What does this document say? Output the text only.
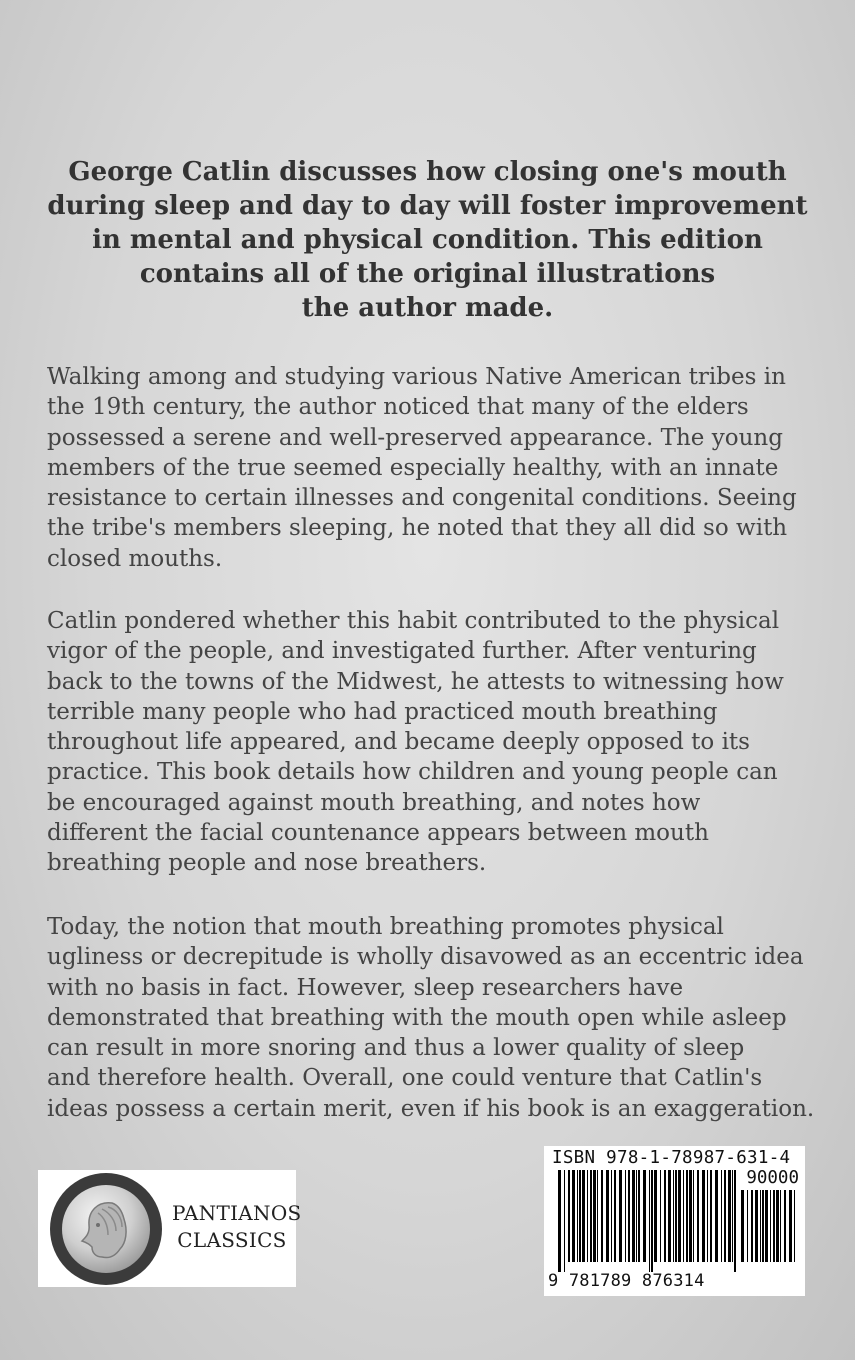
George Catlin discusses how closing one's mouth
during sleep and day to day will foster improvement
in mental and physical condition. This edition
contains all of the original illustrations
the author made.
Walking among and studying various Native American tribes in
the 19th century, the author noticed that many of the elders
possessed a serene and well-preserved appearance. The young
members of the true seemed especially healthy, with an innate
resistance to certain illnesses and congenital conditions. Seeing
the tribe's members sleeping, he noted that they all did so with
closed mouths.
Catlin pondered whether this habit contributed to the physical
vigor of the people, and investigated further. After venturing
back to the towns of the Midwest, he attests to witnessing how
terrible many people who had practiced mouth breathing
throughout life appeared, and became deeply opposed to its
practice. This book details how children and young people can
be encouraged against mouth breathing, and notes how
different the facial countenance appears between mouth
breathing people and nose breathers.
Today, the notion that mouth breathing promotes physical
ugliness or decrepitude is wholly disavowed as an eccentric idea
with no basis in fact. However, sleep researchers have
demonstrated that breathing with the mouth open while asleep
can result in more snoring and thus a lower quality of sleep
and therefore health. Overall, one could venture that Catlin's
ideas possess a certain merit, even if his book is an exaggeration.
PANTIANOS
CLASSICS
ISBN 978-1-78987-631-4
90000
9 781789 876314
